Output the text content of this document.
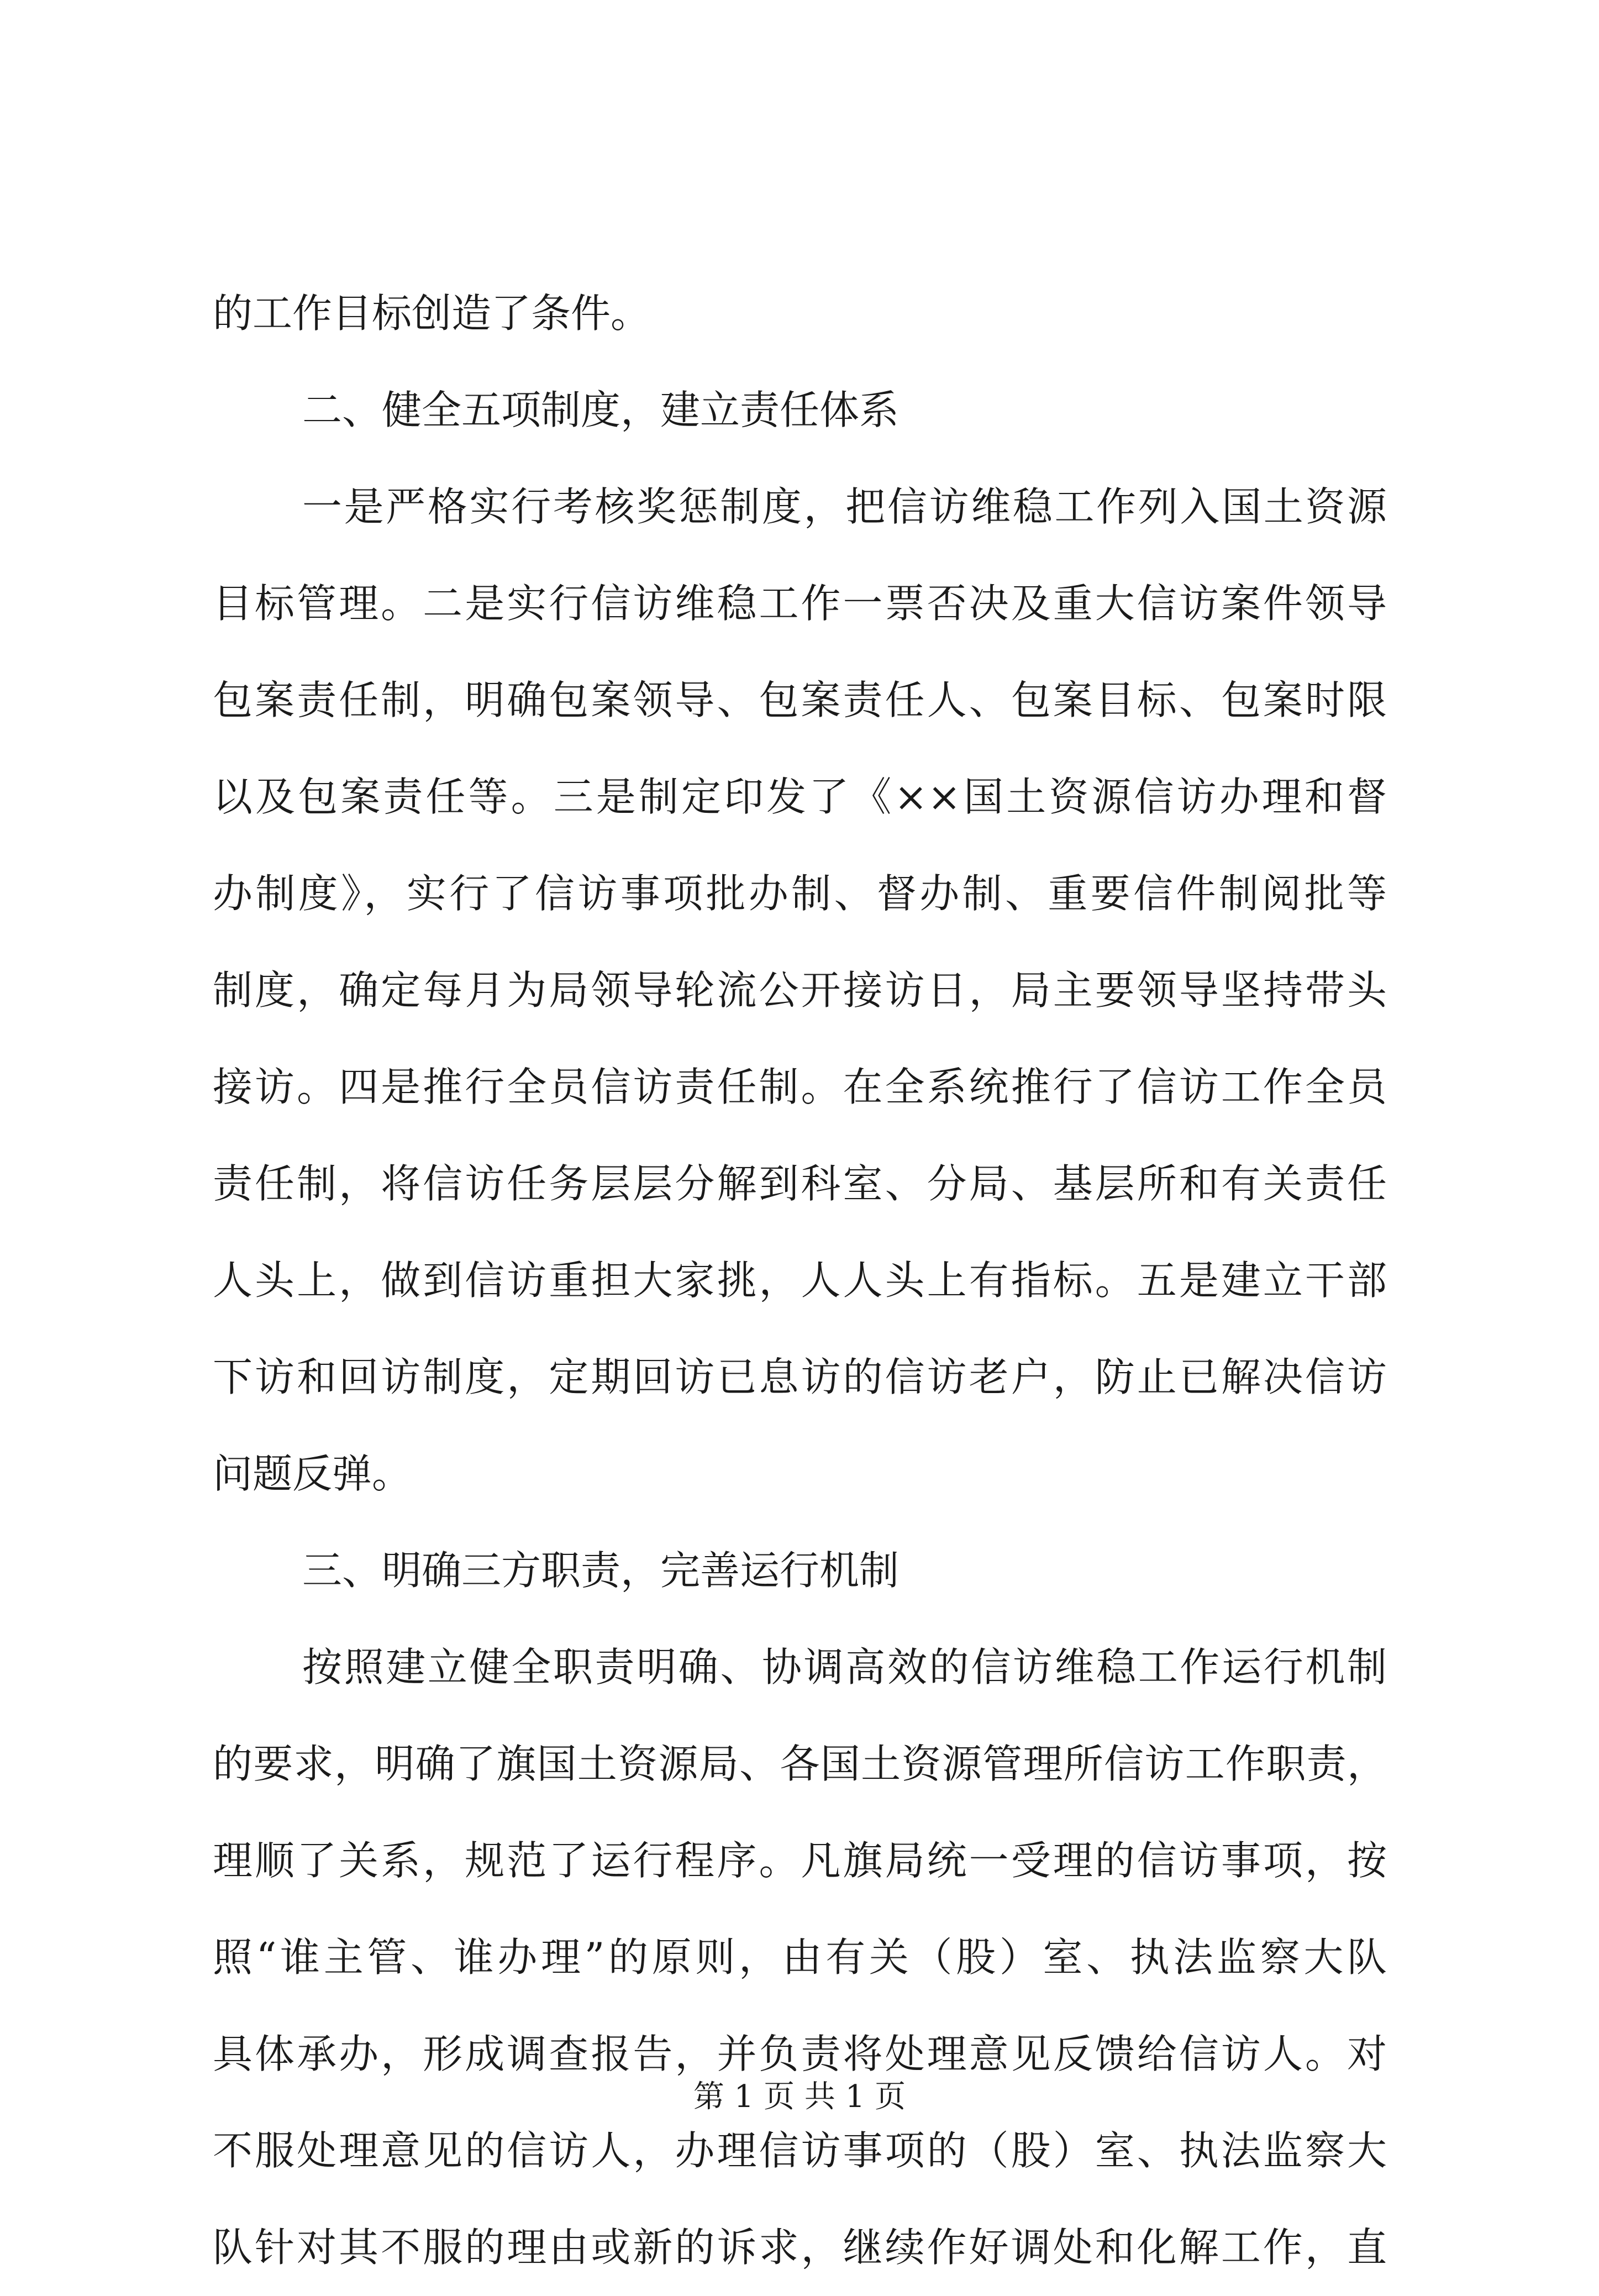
的工作目标创造了条件。
二、健全五项制度，建立责任体系
一是严格实行考核奖惩制度，把信访维稳工作列入国土资源
目标管理。二是实行信访维稳工作一票否决及重大信访案件领导
包案责任制，明确包案领导、包案责任人、包案目标、包案时限
以及包案责任等。三是制定印发了《××国土资源信访办理和督
办制度》，实行了信访事项批办制、督办制、重要信件制阅批等
制度，确定每月为局领导轮流公开接访日，局主要领导坚持带头
接访。四是推行全员信访责任制。在全系统推行了信访工作全员
责任制，将信访任务层层分解到科室、分局、基层所和有关责任
人头上，做到信访重担大家挑，人人头上有指标。五是建立干部
下访和回访制度，定期回访已息访的信访老户，防止已解决信访
问题反弹。
三、明确三方职责，完善运行机制
按照建立健全职责明确、协调高效的信访维稳工作运行机制
的要求，明确了旗国土资源局、各国土资源管理所信访工作职责，
理顺了关系，规范了运行程序。凡旗局统一受理的信访事项，按
照“谁主管、谁办理”的原则，由有关（股）室、执法监察大队
具体承办，形成调查报告，并负责将处理意见反馈给信访人。对
不服处理意见的信访人，办理信访事项的（股）室、执法监察大
队针对其不服的理由或新的诉求，继续作好调处和化解工作，直
第 1 页 共 1 页
